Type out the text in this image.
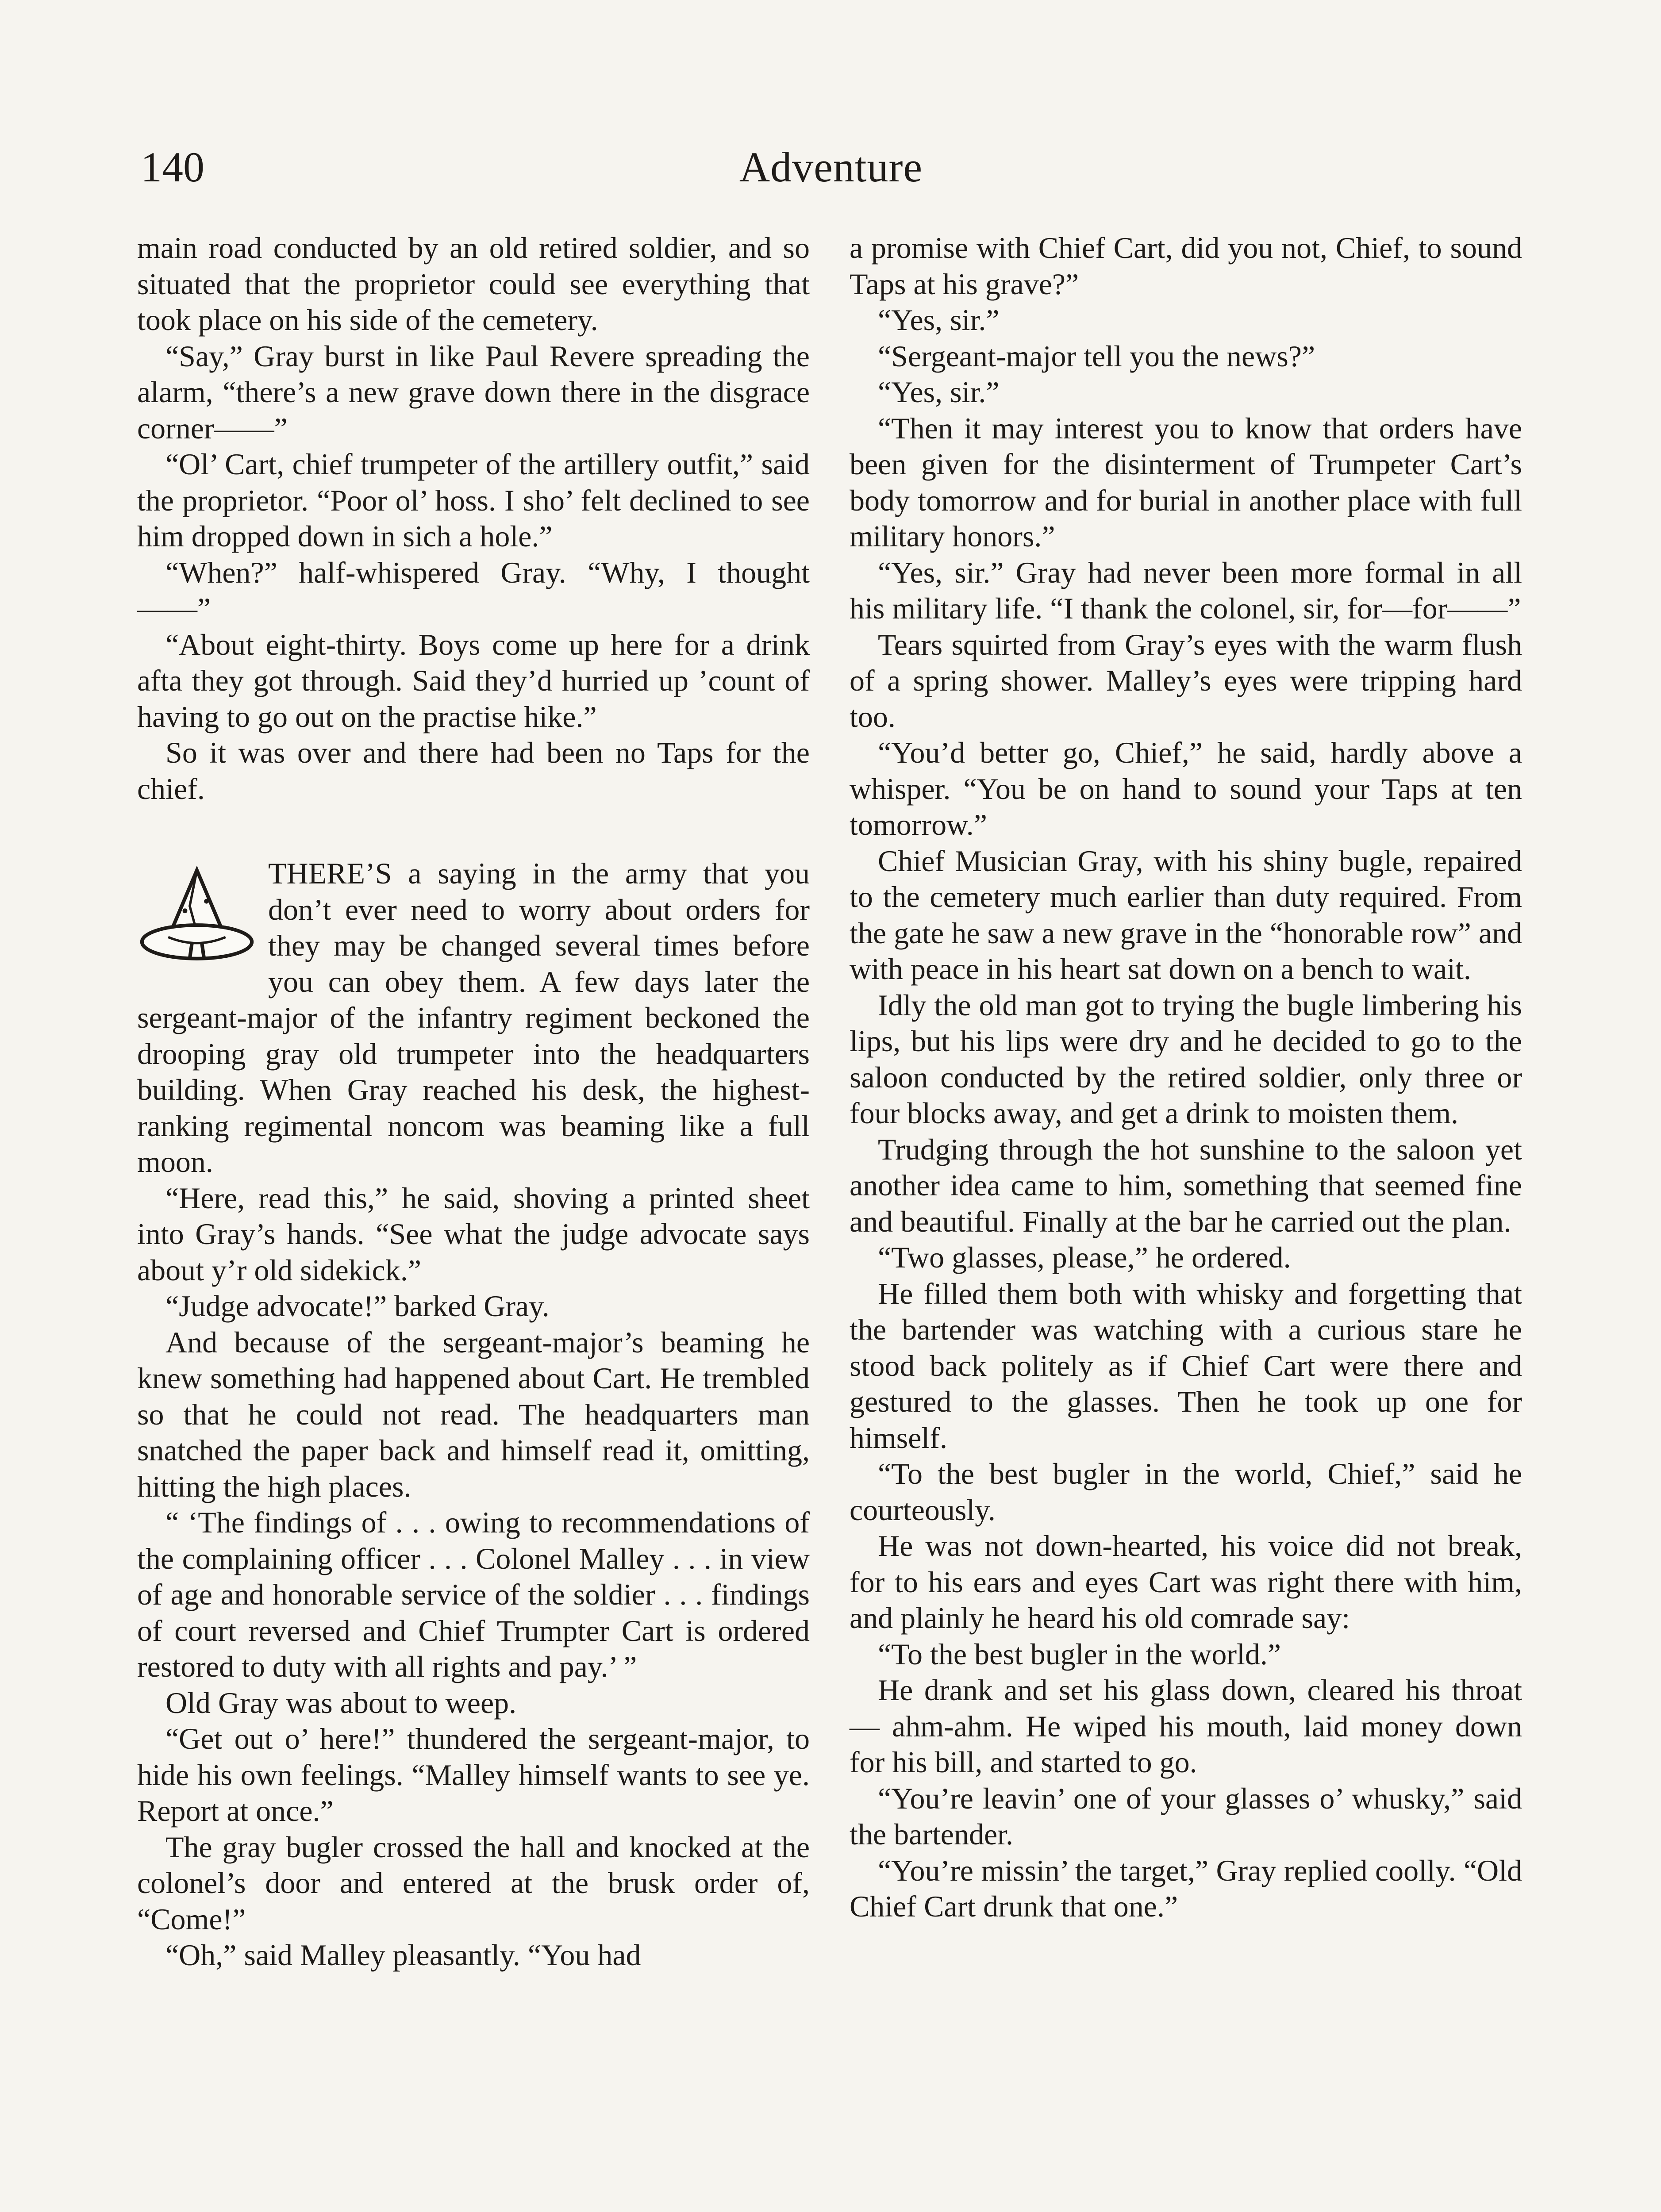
140	Adventure

main road conducted by an old retired soldier, and so situated that the proprietor could see everything that took place on his side of the cemetery.

“Say,” Gray burst in like Paul Revere spreading the alarm, “there’s a new grave down there in the disgrace corner——”

“Ol’ Cart, chief trumpeter of the artillery outfit,” said the proprietor. “Poor ol’ hoss. I sho’ felt declined to see him dropped down in sich a hole.”

“When?” half-whispered Gray. “Why, I thought——”

“About eight-thirty. Boys come up here for a drink afta they got through. Said they’d hurried up ’count of having to go out on the practise hike.”

So it was over and there had been no Taps for the chief.

THERE’S a saying in the army that you don’t ever need to worry about orders for they may be changed several times before you can obey them. A few days later the sergeant-major of the infantry regiment beckoned the drooping gray old trumpeter into the headquarters building. When Gray reached his desk, the highest-ranking regimental noncom was beaming like a full moon.

“Here, read this,” he said, shoving a printed sheet into Gray’s hands. “See what the judge advocate says about y’r old sidekick.”

“Judge advocate!” barked Gray.

And because of the sergeant-major’s beaming he knew something had happened about Cart. He trembled so that he could not read. The headquarters man snatched the paper back and himself read it, omitting, hitting the high places.

“ ‘The findings of . . . owing to recommendations of the complaining officer . . . Colonel Malley . . . in view of age and honorable service of the soldier . . . findings of court reversed and Chief Trumpter Cart is ordered restored to duty with all rights and pay.’ ”

Old Gray was about to weep.

“Get out o’ here!” thundered the sergeant-major, to hide his own feelings. “Malley himself wants to see ye. Report at once.”

The gray bugler crossed the hall and knocked at the colonel’s door and entered at the brusk order of, “Come!”

“Oh,” said Malley pleasantly. “You had

a promise with Chief Cart, did you not, Chief, to sound Taps at his grave?”

“Yes, sir.”

“Sergeant-major tell you the news?”

“Yes, sir.”

“Then it may interest you to know that orders have been given for the disinterment of Trumpeter Cart’s body tomorrow and for burial in another place with full military honors.”

“Yes, sir.” Gray had never been more formal in all his military life. “I thank the colonel, sir, for—for——”

Tears squirted from Gray’s eyes with the warm flush of a spring shower. Malley’s eyes were tripping hard too.

“You’d better go, Chief,” he said, hardly above a whisper. “You be on hand to sound your Taps at ten tomorrow.”

Chief Musician Gray, with his shiny bugle, repaired to the cemetery much earlier than duty required. From the gate he saw a new grave in the “honorable row” and with peace in his heart sat down on a bench to wait.

Idly the old man got to trying the bugle limbering his lips, but his lips were dry and he decided to go to the saloon conducted by the retired soldier, only three or four blocks away, and get a drink to moisten them.

Trudging through the hot sunshine to the saloon yet another idea came to him, something that seemed fine and beautiful. Finally at the bar he carried out the plan.

“Two glasses, please,” he ordered.

He filled them both with whisky and forgetting that the bartender was watching with a curious stare he stood back politely as if Chief Cart were there and gestured to the glasses. Then he took up one for himself.

“To the best bugler in the world, Chief,” said he courteously.

He was not down-hearted, his voice did not break, for to his ears and eyes Cart was right there with him, and plainly he heard his old comrade say:

“To the best bugler in the world.”

He drank and set his glass down, cleared his throat — ahm-ahm. He wiped his mouth, laid money down for his bill, and started to go.

“You’re leavin’ one of your glasses o’ whusky,” said the bartender.

“You’re missin’ the target,” Gray replied coolly. “Old Chief Cart drunk that one.”
